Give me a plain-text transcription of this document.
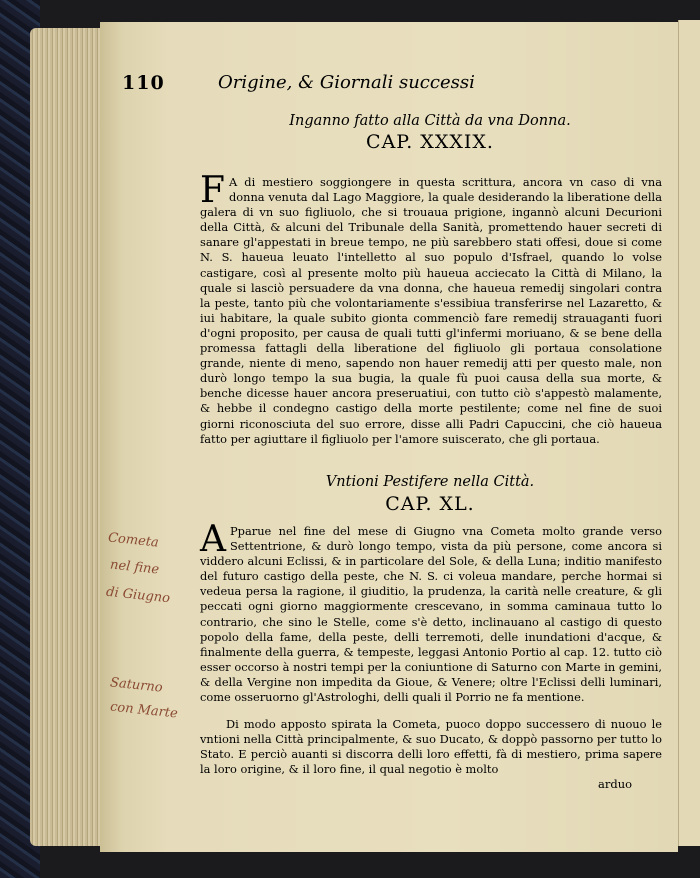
110	Origine, & Giornali successi
Inganno fatto alla Città da vna Donna.
CAP. XXXIX.

F A di mestiero soggiongere in questa scrittura, ancora vn caso di vna donna venuta dal Lago Maggiore, la quale desiderando la liberatione della galera di vn suo figliuolo, che si trouaua prigione, ingannò alcuni Decurioni della Città, & alcuni del Tribunale della Sanità, promettendo hauer secreti di sanare gl'appestati in breue tempo, ne più sarebbero stati offesi, doue si come N. S. haueua leuato l'intelletto al suo populo d'Isfrael, quando lo volse castigare, così al presente molto più haueua acciecato la Città di Milano, la quale si lasciò persuadere da vna donna, che haueua remedij singolari contra la peste, tanto più che volontariamente s'essibiua transferirse nel Lazaretto, & iui habitare, la quale subito gionta commenciò fare remedij strauaganti fuori d'ogni proposito, per causa de quali tutti gl'infermi moriuano, & se bene della promessa fattagli della liberatione del figliuolo gli portaua consolatione grande, niente di meno, sapendo non hauer remedij atti per questo male, non durò longo tempo la sua bugia, la quale fù puoi causa della sua morte, & benche dicesse hauer ancora preseruatiui, con tutto ciò s'appestò malamente, & hebbe il condegno castigo della morte pestilente; come nel fine de suoi giorni riconosciuta del suo errore, disse alli Padri Capuccini, che ciò haueua fatto per agiuttare il figliuolo per l'amore suiscerato, che gli portaua.

Vntioni Pestifere nella Città.
CAP. XL.

A Pparue nel fine del mese di Giugno vna Cometa molto grande verso Settentrione, & durò longo tempo, vista da più persone, come ancora si viddero alcuni Eclissi, & in particolare del Sole, & della Luna; inditio manifesto del futuro castigo della peste, che N. S. ci voleua mandare, perche hormai si vedeua persa la ragione, il giuditio, la prudenza, la carità nelle creature, & gli peccati ogni giorno maggiormente crescevano, in somma caminaua tutto lo contrario, che sino le Stelle, come s'è detto, inclinauano al castigo di questo popolo della fame, della peste, delli terremoti, delle inundationi d'acque, & finalmente della guerra, & tempeste, leggasi Antonio Portio al cap. 12. tutto ciò esser occorso à nostri tempi per la coniuntione di Saturno con Marte in gemini, & della Vergine non impedita da Gioue, & Venere; oltre l'Eclissi delli luminari, come osseruorno gl'Astrologhi, delli quali il Porrio ne fa mentione.

Di modo apposto spirata la Cometa, puoco doppo successero di nuouo le vntioni nella Città principalmente, & suo Ducato, & doppò passorno per tutto lo Stato. E perciò auanti si discorra delli loro effetti, fà di mestiero, prima sapere la loro origine, & il loro fine, il qual negotio è molto

arduo
Cometa
nel fine
di Giugno
Saturno
con Marte
